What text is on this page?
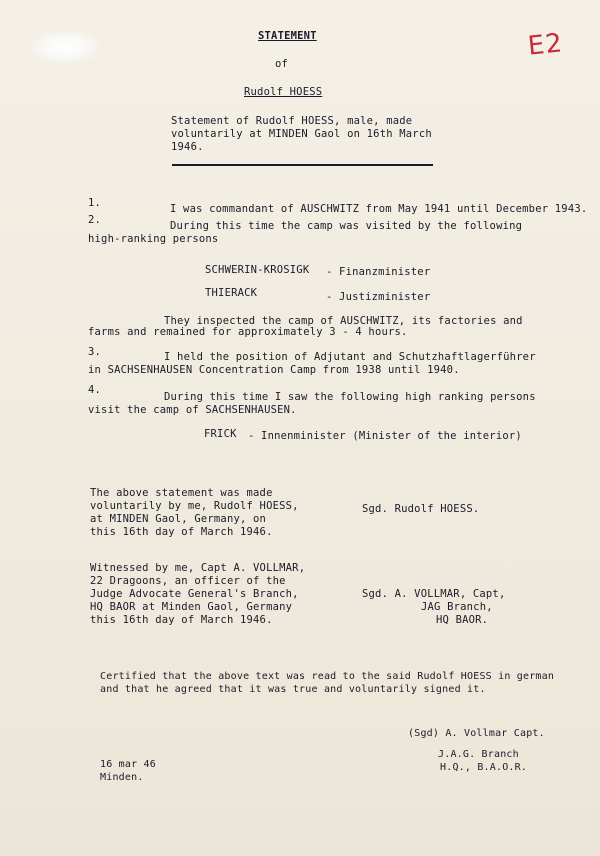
E2
STATEMENT
of
Rudolf HOESS
Statement of Rudolf HOESS, male, made
voluntarily at MINDEN Gaol on 16th March
1946.
1.	I was commandant of AUSCHWITZ from May 1941 until December 1943.
2.	During this time the camp was visited by the following
high-ranking persons
SCHWERIN-KROSIGK - Finanzminister
THIERACK	- Justizminister
They inspected the camp of AUSCHWITZ, its factories and
farms and remained for approximately 3 - 4 hours.
3.	I held the position of Adjutant and Schutzhaftlagerführer
in SACHSENHAUSEN Concentration Camp from 1938 until 1940.
4.
During this time I saw the following high ranking persons
visit the camp of SACHSENHAUSEN.
FRICK - Innenminister (Minister of the interior)
The above statement was made
voluntarily by me, Rudolf HOESS,
at MINDEN Gaol, Germany, on
this 16th day of March 1946.
Sgd. Rudolf HOESS.
Witnessed by me, Capt A. VOLLMAR,
22 Dragoons, an officer of the
Judge Advocate General's Branch,
HQ BAOR at Minden Gaol, Germany
this 16th day of March 1946.
Sgd. A. VOLLMAR, Capt,
JAG Branch,
HQ BAOR.
Certified that the above text was read to the said Rudolf HOESS in german
and that he agreed that it was true and voluntarily signed it.
(Sgd) A. Vollmar Capt.
J.A.G. Branch
H.Q., B.A.O.R.
16 mar 46
Minden.
